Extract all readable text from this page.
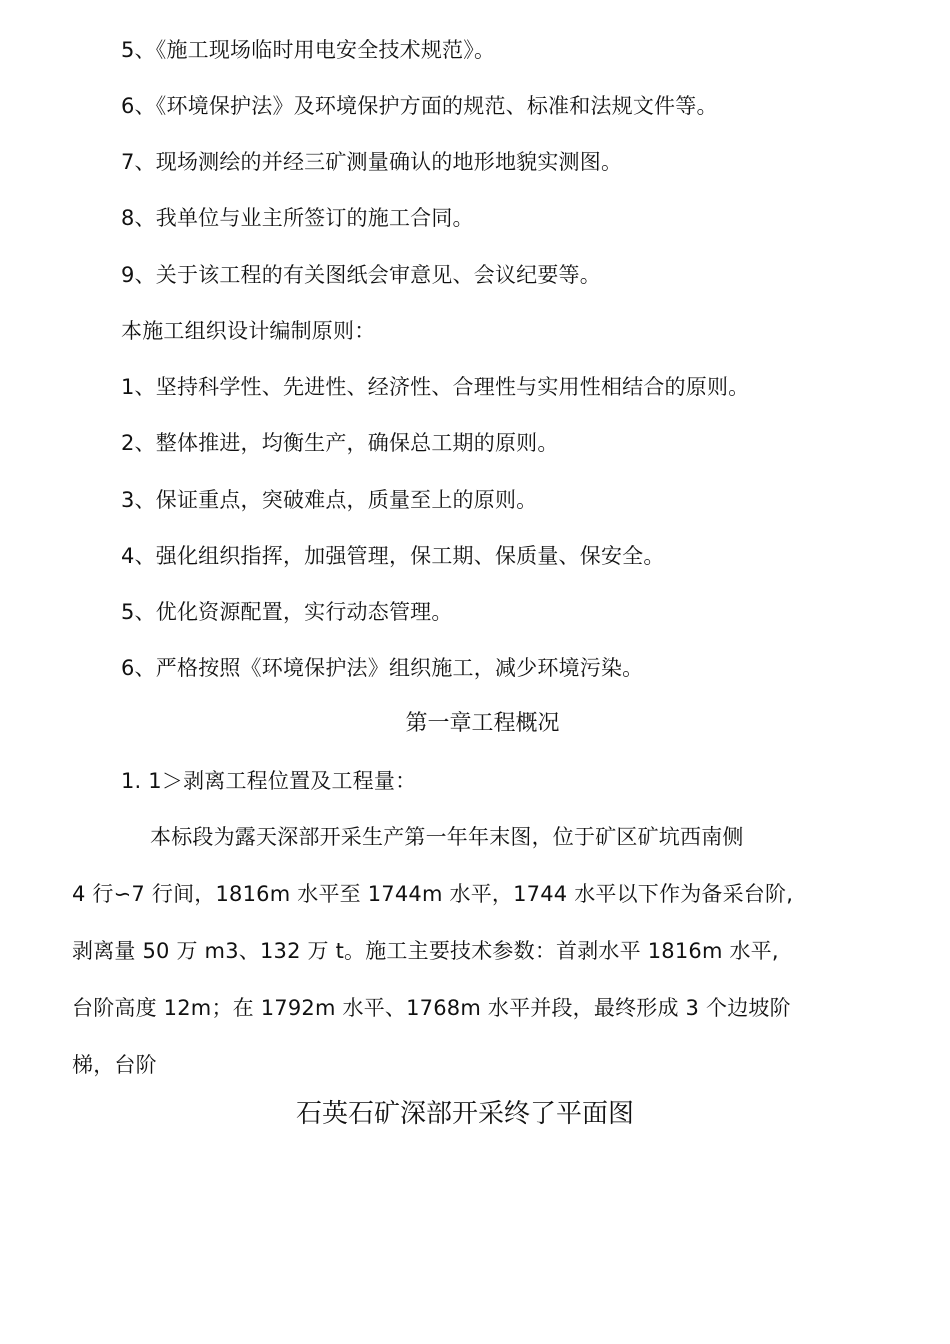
5、《施工现场临时用电安全技术规范》。
6、《环境保护法》及环境保护方面的规范、标准和法规文件等。
7、现场测绘的并经三矿测量确认的地形地貌实测图。
8、我单位与业主所签订的施工合同。
9、关于该工程的有关图纸会审意见、会议纪要等。
本施工组织设计编制原则：
1、坚持科学性、先进性、经济性、合理性与实用性相结合的原则。
2、整体推进，均衡生产，确保总工期的原则。
3、保证重点，突破难点，质量至上的原则。
4、强化组织指挥，加强管理，保工期、保质量、保安全。
5、优化资源配置，实行动态管理。
6、严格按照《环境保护法》组织施工，减少环境污染。
第一章工程概况
1. 1＞剥离工程位置及工程量：
本标段为露天深部开采生产第一年年末图，位于矿区矿坑西南侧
4 行∽7 行间，1816m 水平至 1744m 水平，1744 水平以下作为备采台阶,
剥离量 50 万 m3、132 万 t。施工主要技术参数：首剥水平 1816m 水平,
台阶高度 12m；在 1792m 水平、1768m 水平并段，最终形成 3 个边坡阶
梯，台阶
石英石矿深部开采终了平面图
